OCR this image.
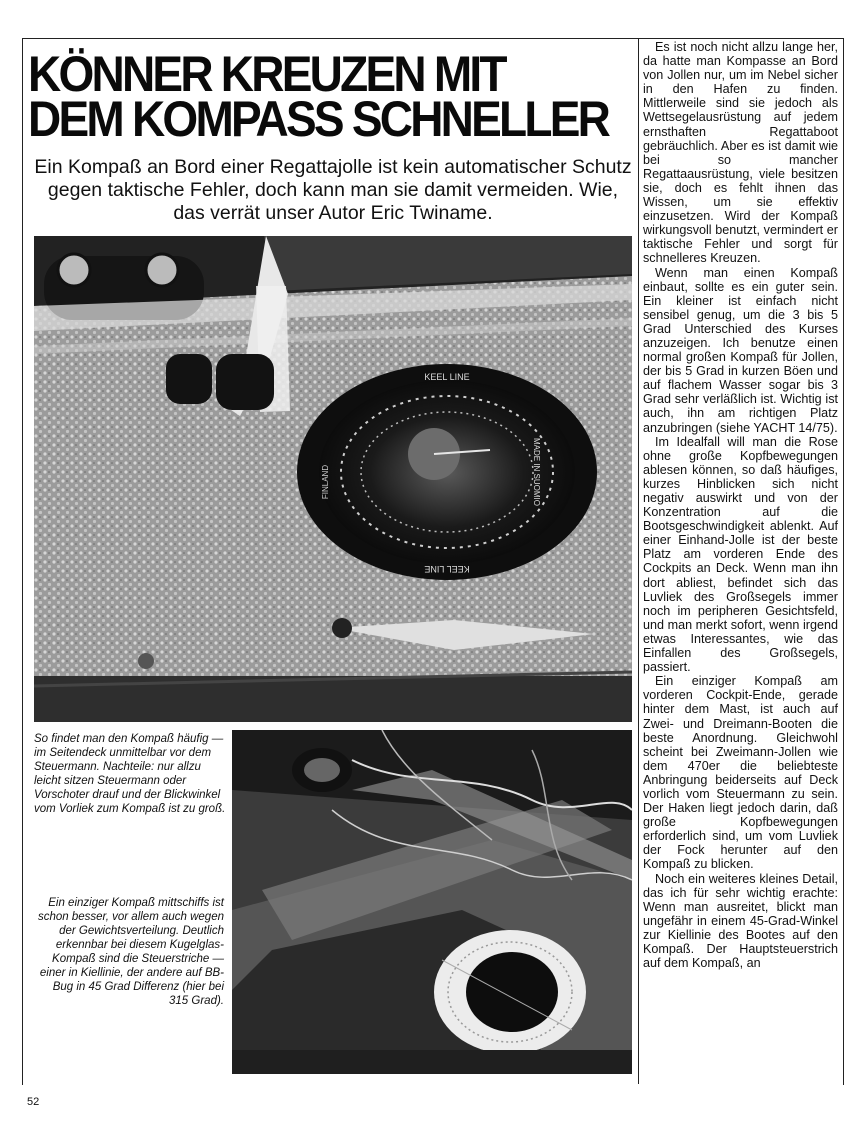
KÖNNER KREUZEN MIT
DEM KOMPASS SCHNELLER

Ein Kompaß an Bord einer Regattajolle ist kein automatischer Schutz gegen taktische Fehler, doch kann man sie damit vermeiden. Wie, das verrät unser Autor Eric Twiname.

KEEL LINE
KEEL LINE
MADE IN SUOMIO
FINLAND

So findet man den Kompaß häufig — im Seitendeck unmittelbar vor dem Steuermann. Nachteile: nur allzu leicht sitzen Steuermann oder Vorschoter drauf und der Blickwinkel vom Vorliek zum Kompaß ist zu groß.

Ein einziger Kompaß mittschiffs ist schon besser, vor allem auch wegen der Gewichtsverteilung. Deutlich erkennbar bei diesem Kugelglas-Kompaß sind die Steuerstriche — einer in Kiellinie, der andere auf BB-Bug in 45 Grad Differenz (hier bei 315 Grad).

Es ist noch nicht allzu lange her, da hatte man Kompasse an Bord von Jollen nur, um im Nebel sicher in den Hafen zu finden. Mittlerweile sind sie jedoch als Wettsegelausrüstung auf jedem ernsthaften Regattaboot gebräuchlich. Aber es ist damit wie bei so mancher Regattaausrüstung, viele besitzen sie, doch es fehlt ihnen das Wissen, um sie effektiv einzusetzen. Wird der Kompaß wirkungsvoll benutzt, vermindert er taktische Fehler und sorgt für schnelleres Kreuzen.

Wenn man einen Kompaß einbaut, sollte es ein guter sein. Ein kleiner ist einfach nicht sensibel genug, um die 3 bis 5 Grad Unterschied des Kurses anzuzeigen. Ich benutze einen normal großen Kompaß für Jollen, der bis 5 Grad in kurzen Böen und auf flachem Wasser sogar bis 3 Grad sehr verläßlich ist. Wichtig ist auch, ihn am richtigen Platz anzubringen (siehe YACHT 14/75).

Im Idealfall will man die Rose ohne große Kopfbewegungen ablesen können, so daß häufiges, kurzes Hinblicken sich nicht negativ auswirkt und von der Konzentration auf die Bootsgeschwindigkeit ablenkt. Auf einer Einhand-Jolle ist der beste Platz am vorderen Ende des Cockpits an Deck. Wenn man ihn dort abliest, befindet sich das Luvliek des Großsegels immer noch im peripheren Gesichtsfeld, und man merkt sofort, wenn irgend etwas Interessantes, wie das Einfallen des Großsegels, passiert.

Ein einziger Kompaß am vorderen Cockpit-Ende, gerade hinter dem Mast, ist auch auf Zwei- und Dreimann-Booten die beste Anordnung. Gleichwohl scheint bei Zweimann-Jollen wie dem 470er die beliebteste Anbringung beiderseits auf Deck vorlich vom Steuermann zu sein. Der Haken liegt jedoch darin, daß große Kopfbewegungen erforderlich sind, um vom Luvliek der Fock herunter auf den Kompaß zu blicken.

Noch ein weiteres kleines Detail, das ich für sehr wichtig erachte: Wenn man ausreitet, blickt man ungefähr in einem 45-Grad-Winkel zur Kiellinie des Bootes auf den Kompaß. Der Hauptsteuerstrich auf dem Kompaß, an

52
